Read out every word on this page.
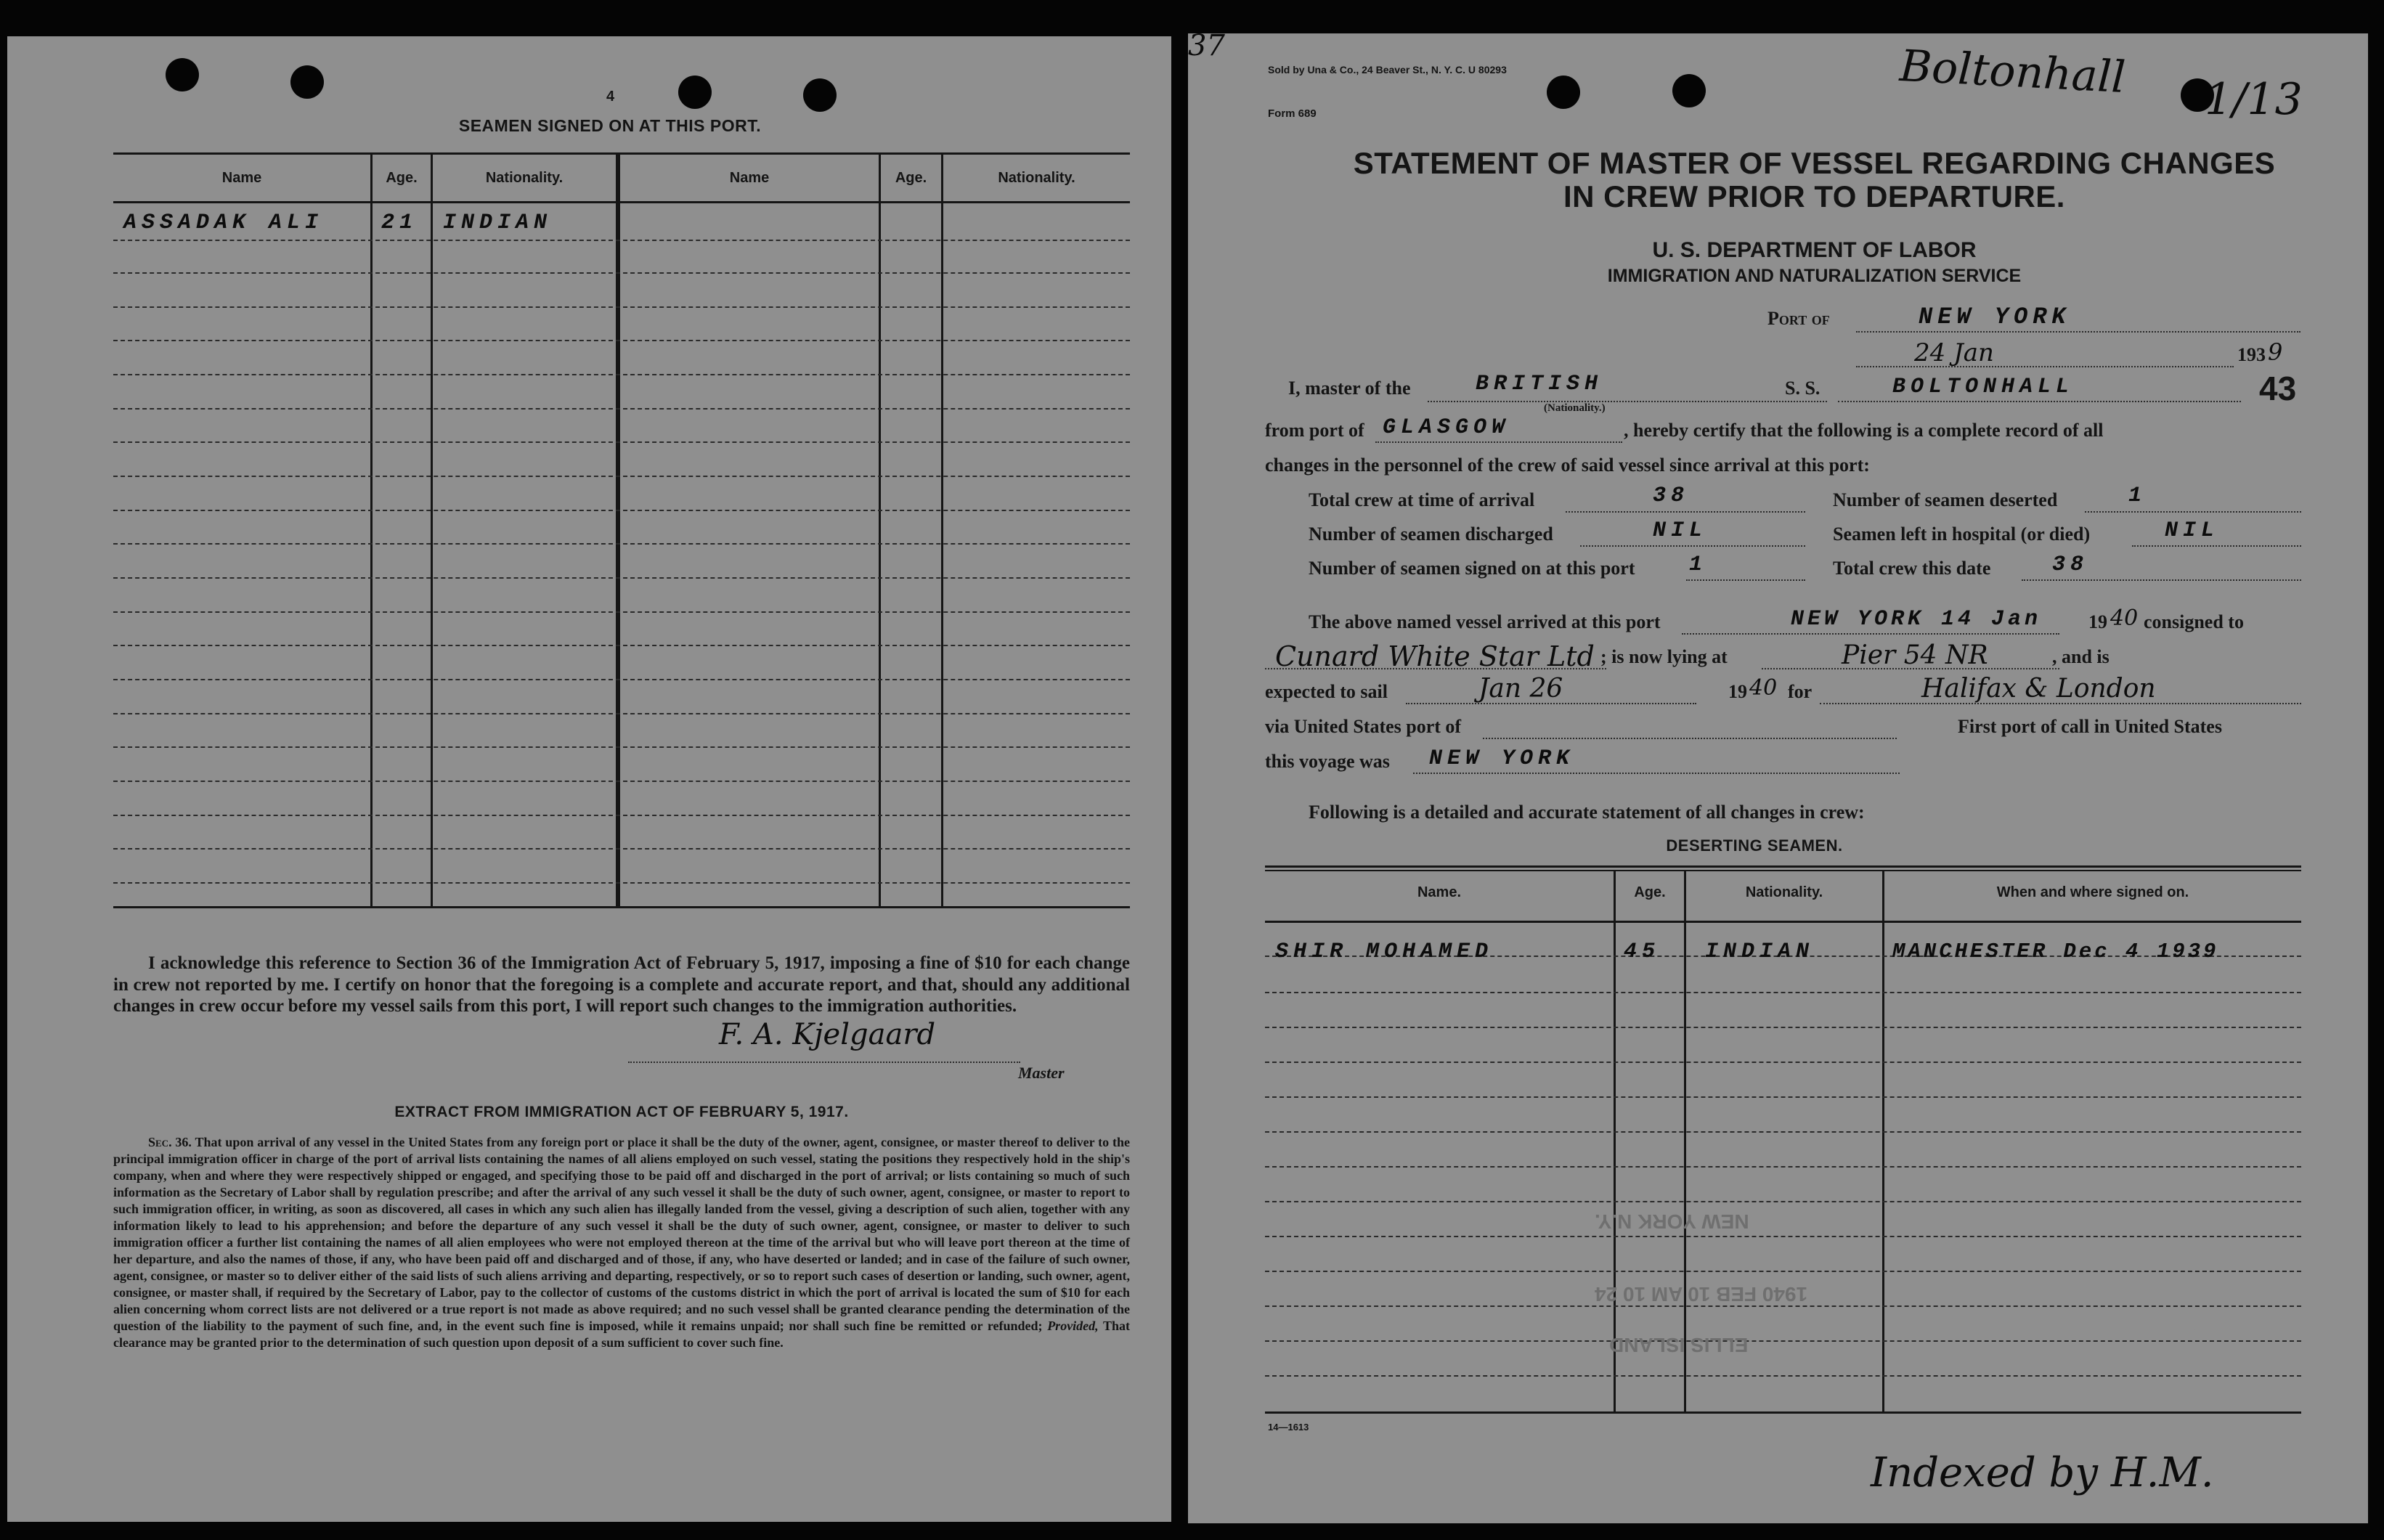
4
SEAMEN SIGNED ON AT THIS PORT.
Name	Age.	Nationality.	Name	Age.	Nationality.
ASSADAK ALI	21 INDIAN
I acknowledge this reference to Section 36 of the Immigration Act of February 5, 1917, imposing a fine of $10 for each change in crew not reported by me. I certify on honor that the foregoing is a complete and accurate report, and that, should any additional changes in crew occur before my vessel sails from this port, I will report such changes to the immigration authorities.
F. A. Kjelgaard
Master
EXTRACT FROM IMMIGRATION ACT OF FEBRUARY 5, 1917.
Sec. 36. That upon arrival of any vessel in the United States from any foreign port or place it shall be the duty of the owner, agent, consignee, or master thereof to deliver to the principal immigration officer in charge of the port of arrival lists containing the names of all aliens employed on such vessel, stating the positions they respectively hold in the ship's company, when and where they were respectively shipped or engaged, and specifying those to be paid off and discharged in the port of arrival; or lists containing so much of such information as the Secretary of Labor shall by regulation prescribe; and after the arrival of any such vessel it shall be the duty of such owner, agent, consignee, or master to report to such immigration officer, in writing, as soon as discovered, all cases in which any such alien has illegally landed from the vessel, giving a description of such alien, together with any information likely to lead to his apprehension; and before the departure of any such vessel it shall be the duty of such owner, agent, consignee, or master to deliver to such immigration officer a further list containing the names of all alien employees who were not employed thereon at the time of the arrival but who will leave port thereon at the time of her departure, and also the names of those, if any, who have been paid off and discharged and of those, if any, who have deserted or landed; and in case of the failure of such owner, agent, consignee, or master so to deliver either of the said lists of such aliens arriving and departing, respectively, or so to report such cases of desertion or landing, such owner, agent, consignee, or master shall, if required by the Secretary of Labor, pay to the collector of customs of the customs district in which the port of arrival is located the sum of $10 for each alien concerning whom correct lists are not delivered or a true report is not made as above required; and no such vessel shall be granted clearance pending the determination of the question of the liability to the payment of such fine, and, in the event such fine is imposed, while it remains unpaid; nor shall such fine be remitted or refunded; Provided, That clearance may be granted prior to the determination of such question upon deposit of a sum sufficient to cover such fine.
37
Sold by Una & Co., 24 Beaver St., N. Y. C. U 80293
Form 689
Boltonhall 1/13
STATEMENT OF MASTER OF VESSEL REGARDING CHANGES
IN CREW PRIOR TO DEPARTURE.
U. S. DEPARTMENT OF LABOR
IMMIGRATION AND NATURALIZATION SERVICE
Port of	NEW YORK
24 Jan	193 9
I, master of the	BRITISH
(Nationality.)
S. S.	BOLTONHALL	43
from port of GLASGOW	, hereby certify that the following is a complete record of all
changes in the personnel of the crew of said vessel since arrival at this port:
Total crew at time of arrival	38
Number of seamen discharged	NIL
Number of seamen signed on at this port 1
Number of seamen deserted	1
Seamen left in hospital (or died)	NIL
Total crew this date	38
The above named vessel arrived at this port	NEW YORK 14 Jan 19 40 consigned to
Cunard White Star Ltd ; is now lying at	Pier 54 NR	, and is
expected to sail	Jan 26	19 40 for	Halifax & London
via United States port of	First port of call in United States
this voyage was NEW YORK
Following is a detailed and accurate statement of all changes in crew:
DESERTING SEAMEN.
Name.	Age.	Nationality.	When and where signed on.
SHIR MOHAMED	45 INDIAN	MANCHESTER Dec 4 1939
1940 FEB 10 AM 10 24
NEW YORK N.Y.
ELLIS ISLAND
14—1613
Indexed by H.M.
